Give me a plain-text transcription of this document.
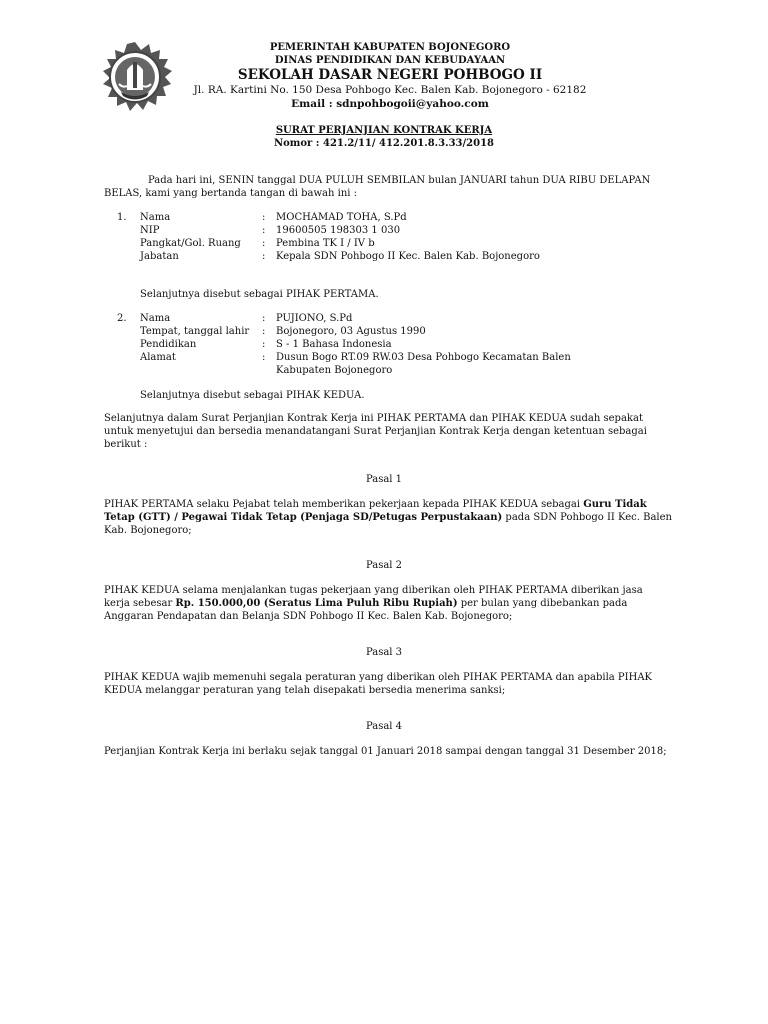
PEMERINTAH KABUPATEN BOJONEGORO
DINAS PENDIDIKAN DAN KEBUDAYAAN
SEKOLAH DASAR NEGERI POHBOGO II
Jl. RA. Kartini No. 150 Desa Pohbogo Kec. Balen Kab. Bojonegoro - 62182
Email : sdnpohbogoii@yahoo.com
SURAT PERJANJIAN KONTRAK KERJA
Nomor : 421.2/11/ 412.201.8.3.33/2018
Pada hari ini, SENIN tanggal DUA PULUH SEMBILAN bulan JANUARI tahun DUA RIBU DELAPAN
BELAS, kami yang bertanda tangan di bawah ini :
1. Nama	: MOCHAMAD TOHA, S.Pd
NIP	: 19600505 198303 1 030
Pangkat/Gol. Ruang : Pembina TK I / IV b
Jabatan	: Kepala SDN Pohbogo II Kec. Balen Kab. Bojonegoro
Selanjutnya disebut sebagai PIHAK PERTAMA.
2. Nama	: PUJIONO, S.Pd
Tempat, tanggal lahir : Bojonegoro, 03 Agustus 1990
Pendidikan	: S - 1 Bahasa Indonesia
Alamat	: Dusun Bogo RT.09 RW.03 Desa Pohbogo Kecamatan Balen
Kabupaten Bojonegoro
Selanjutnya disebut sebagai PIHAK KEDUA.
Selanjutnya dalam Surat Perjanjian Kontrak Kerja ini PIHAK PERTAMA dan PIHAK KEDUA sudah sepakat
untuk menyetujui dan bersedia menandatangani Surat Perjanjian Kontrak Kerja dengan ketentuan sebagai
berikut :
Pasal 1
PIHAK PERTAMA selaku Pejabat telah memberikan pekerjaan kepada PIHAK KEDUA sebagai Guru Tidak
Tetap (GTT) / Pegawai Tidak Tetap (Penjaga SD/Petugas Perpustakaan) pada SDN Pohbogo II Kec. Balen
Kab. Bojonegoro;
Pasal 2
PIHAK KEDUA selama menjalankan tugas pekerjaan yang diberikan oleh PIHAK PERTAMA diberikan jasa
kerja sebesar Rp. 150.000,00 (Seratus Lima Puluh Ribu Rupiah) per bulan yang dibebankan pada
Anggaran Pendapatan dan Belanja SDN Pohbogo II Kec. Balen Kab. Bojonegoro;
Pasal 3
PIHAK KEDUA wajib memenuhi segala peraturan yang diberikan oleh PIHAK PERTAMA dan apabila PIHAK
KEDUA melanggar peraturan yang telah disepakati bersedia menerima sanksi;
Pasal 4
Perjanjian Kontrak Kerja ini berlaku sejak tanggal 01 Januari 2018 sampai dengan tanggal 31 Desember 2018;
